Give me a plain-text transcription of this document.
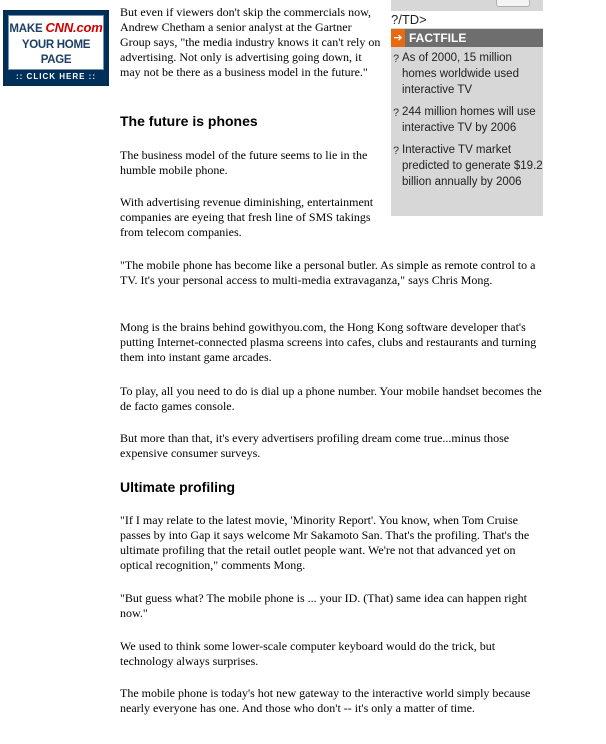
MAKE CNN.com
YOUR HOME PAGE
:: CLICK HERE ::
?/TD>
➔ FACTFILE
? As of 2000, 15 million homes worldwide used interactive TV
? 244 million homes will use interactive TV by 2006
? Interactive TV market predicted to generate $19.2 billion annually by 2006

But even if viewers don't skip the commercials now, Andrew Chetham a senior analyst at the Gartner Group says, "the media industry knows it can't rely on advertising. Not only is advertising going down, it may not be there as a business model in the future."

The future is phones

The business model of the future seems to lie in the humble mobile phone.

With advertising revenue diminishing, entertainment companies are eyeing that fresh line of SMS takings from telecom companies.

"The mobile phone has become like a personal butler. As simple as remote control to a TV. It's your personal access to multi-media extravaganza," says Chris Mong.

Mong is the brains behind gowithyou.com, the Hong Kong software developer that's putting Internet-connected plasma screens into cafes, clubs and restaurants and turning them into instant game arcades.

To play, all you need to do is dial up a phone number. Your mobile handset becomes the de facto games console.

But more than that, it's every advertisers profiling dream come true...minus those expensive consumer surveys.

Ultimate profiling

"If I may relate to the latest movie, 'Minority Report'. You know, when Tom Cruise passes by into Gap it says welcome Mr Sakamoto San. That's the profiling. That's the ultimate profiling that the retail outlet people want. We're not that advanced yet on optical recognition," comments Mong.

"But guess what? The mobile phone is ... your ID. (That) same idea can happen right now."

We used to think some lower-scale computer keyboard would do the trick, but technology always surprises.

The mobile phone is today's hot new gateway to the interactive world simply because nearly everyone has one. And those who don't -- it's only a matter of time.
